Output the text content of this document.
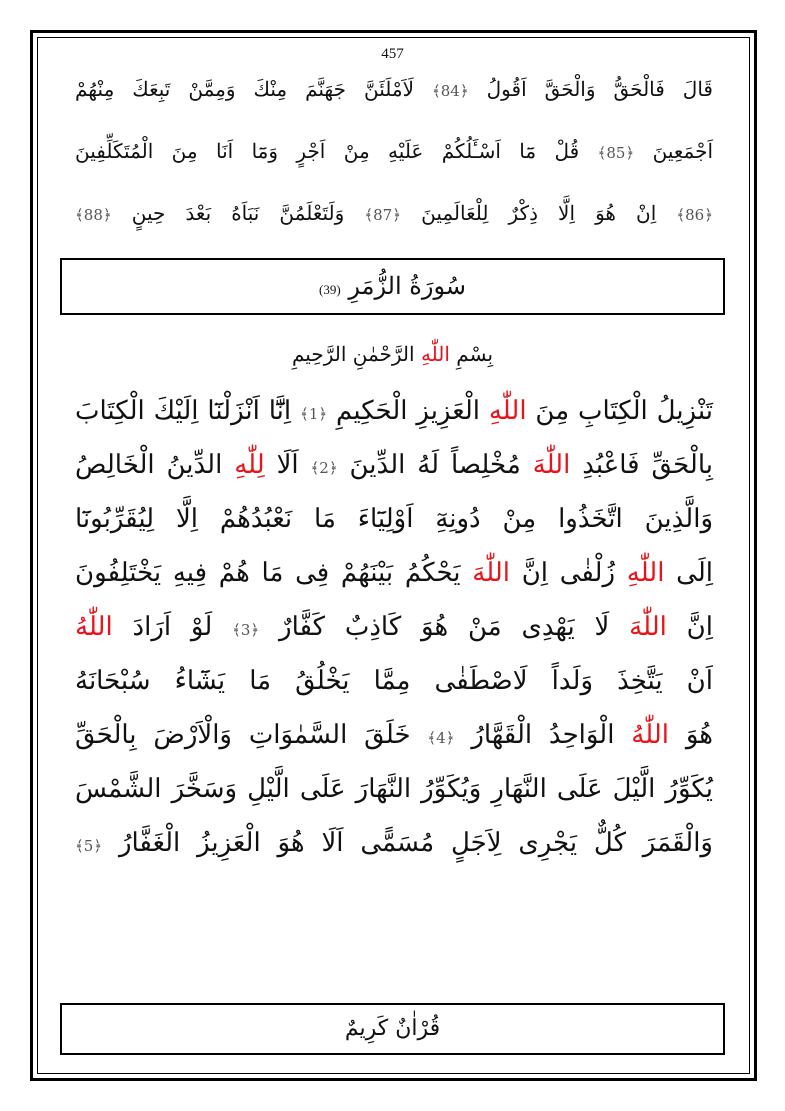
457
قَالَ فَالْحَقُّ وَالْحَقَّ اَقُولُ ﴿84﴾ لَاَمْلَئَنَّ جَهَنَّمَ مِنْكَ وَمِمَّنْ تَبِعَكَ مِنْهُمْ
اَجْمَعِينَ ﴿85﴾ قُلْ مَٓا اَسْـَٔلُكُمْ عَلَيْهِ مِنْ اَجْرٍ وَمَٓا اَنَا مِنَ الْمُتَكَلِّفِينَ
﴿86﴾ اِنْ هُوَ اِلَّا ذِكْرٌ لِلْعَالَمِينَ ﴿87﴾ وَلَتَعْلَمُنَّ نَبَاَهُ بَعْدَ حِينٍ ﴿88﴾
سُورَةُ الزُّمَرِ (39)
بِسْمِ اللّٰهِ الرَّحْمٰنِ الرَّحِيمِ
تَنْزِيلُ الْكِتَابِ مِنَ اللّٰهِ الْعَزِيزِ الْحَكِيمِ ﴿1﴾ اِنَّٓا اَنْزَلْنَٓا اِلَيْكَ الْكِتَابَ
بِالْحَقِّ فَاعْبُدِ اللّٰهَ مُخْلِصاً لَهُ الدِّينَ ﴿2﴾ اَلَا لِلّٰهِ الدِّينُ الْخَالِصُ
وَالَّذِينَ اتَّخَذُوا مِنْ دُونِهِٓ اَوْلِيَٓاءَ مَا نَعْبُدُهُمْ اِلَّا لِيُقَرِّبُونَٓا
اِلَى اللّٰهِ زُلْفٰى اِنَّ اللّٰهَ يَحْكُمُ بَيْنَهُمْ فِى مَا هُمْ فِيهِ يَخْتَلِفُونَ
اِنَّ اللّٰهَ لَا يَهْدِى مَنْ هُوَ كَاذِبٌ كَفَّارٌ ﴿3﴾ لَوْ اَرَادَ اللّٰهُ
اَنْ يَتَّخِذَ وَلَداً لَاصْطَفٰى مِمَّا يَخْلُقُ مَا يَشَٓاءُ سُبْحَانَهُ
هُوَ اللّٰهُ الْوَاحِدُ الْقَهَّارُ ﴿4﴾ خَلَقَ السَّمٰوَاتِ وَالْاَرْضَ بِالْحَقِّ
يُكَوِّرُ الَّيْلَ عَلَى النَّهَارِ وَيُكَوِّرُ النَّهَارَ عَلَى الَّيْلِ وَسَخَّرَ الشَّمْسَ
وَالْقَمَرَ كُلٌّ يَجْرِى لِاَجَلٍ مُسَمًّى اَلَا هُوَ الْعَزِيزُ الْغَفَّارُ ﴿5﴾
قُرْاٰنٌ كَرِيمٌ
